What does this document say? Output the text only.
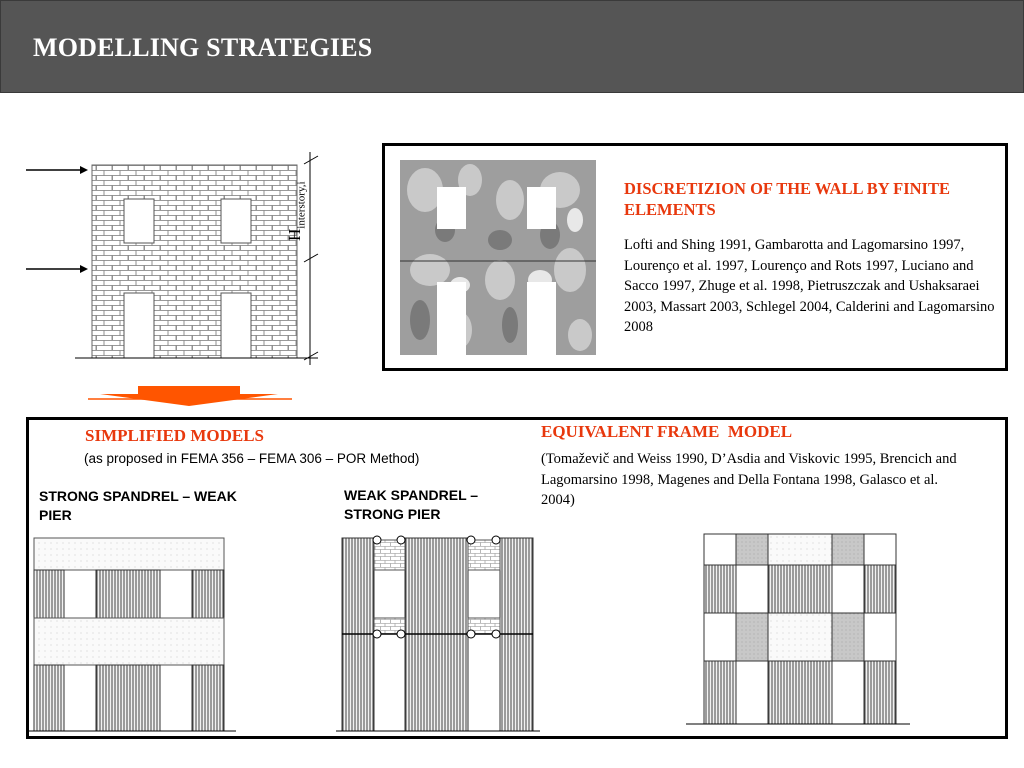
MODELLING STRATEGIES
$H_{interstory,i}$	DISCRETIZION OF THE WALL BY FINITE ELEMENTS
Lofti and Shing 1991, Gambarotta and Lagomarsino 1997, Lourenço et al. 1997, Lourenço and Rots 1997, Luciano and Sacco 1997, Zhuge et al. 1998, Pietruszczak and Ushaksaraei 2003, Massart 2003, Schlegel 2004, Calderini and Lagomarsino 2008
SIMPLIFIED MODELS
(as proposed in FEMA 356 – FEMA 306 – POR Method)
STRONG SPANDREL – WEAK PIER
WEAK SPANDREL – STRONG PIER
EQUIVALENT FRAME  MODEL
(Tomaževič and Weiss 1990, D’Asdia and Viskovic 1995, Brencich and Lagomarsino 1998, Magenes and Della Fontana 1998, Galasco et al. 2004)
